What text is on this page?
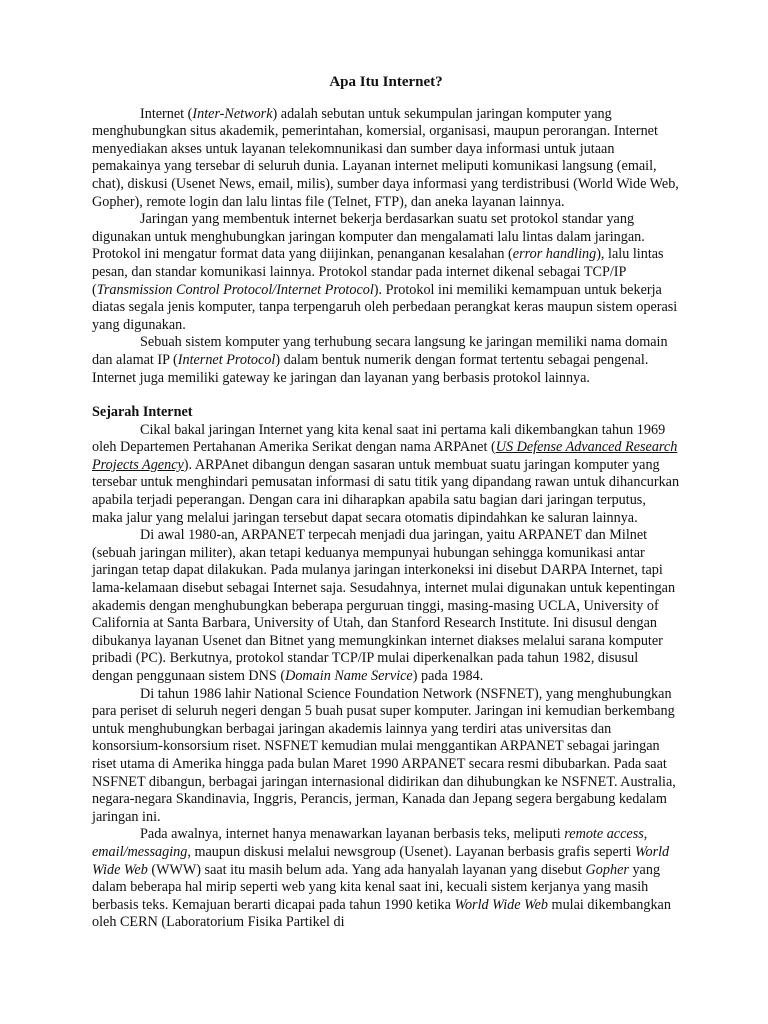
Apa Itu Internet?

Internet (Inter-Network) adalah sebutan untuk sekumpulan jaringan komputer yang menghubungkan situs akademik, pemerintahan, komersial, organisasi, maupun perorangan. Internet menyediakan akses untuk layanan telekomnunikasi dan sumber daya informasi untuk jutaan pemakainya yang tersebar di seluruh dunia. Layanan internet meliputi komunikasi langsung (email, chat), diskusi (Usenet News, email, milis), sumber daya informasi yang terdistribusi (World Wide Web, Gopher), remote login dan lalu lintas file (Telnet, FTP), dan aneka layanan lainnya.

Jaringan yang membentuk internet bekerja berdasarkan suatu set protokol standar yang digunakan untuk menghubungkan jaringan komputer dan mengalamati lalu lintas dalam jaringan. Protokol ini mengatur format data yang diijinkan, penanganan kesalahan (error handling), lalu lintas pesan, dan standar komunikasi lainnya. Protokol standar pada internet dikenal sebagai TCP/IP (Transmission Control Protocol/Internet Protocol). Protokol ini memiliki kemampuan untuk bekerja diatas segala jenis komputer, tanpa terpengaruh oleh perbedaan perangkat keras maupun sistem operasi yang digunakan.

Sebuah sistem komputer yang terhubung secara langsung ke jaringan memiliki nama domain dan alamat IP (Internet Protocol) dalam bentuk numerik dengan format tertentu sebagai pengenal. Internet juga memiliki gateway ke jaringan dan layanan yang berbasis protokol lainnya.

Sejarah Internet

Cikal bakal jaringan Internet yang kita kenal saat ini pertama kali dikembangkan tahun 1969 oleh Departemen Pertahanan Amerika Serikat dengan nama ARPAnet (US Defense Advanced Research Projects Agency). ARPAnet dibangun dengan sasaran untuk membuat suatu jaringan komputer yang tersebar untuk menghindari pemusatan informasi di satu titik yang dipandang rawan untuk dihancurkan apabila terjadi peperangan. Dengan cara ini diharapkan apabila satu bagian dari jaringan terputus, maka jalur yang melalui jaringan tersebut dapat secara otomatis dipindahkan ke saluran lainnya.

Di awal 1980-an, ARPANET terpecah menjadi dua jaringan, yaitu ARPANET dan Milnet (sebuah jaringan militer), akan tetapi keduanya mempunyai hubungan sehingga komunikasi antar jaringan tetap dapat dilakukan. Pada mulanya jaringan interkoneksi ini disebut DARPA Internet, tapi lama-kelamaan disebut sebagai Internet saja. Sesudahnya, internet mulai digunakan untuk kepentingan akademis dengan menghubungkan beberapa perguruan tinggi, masing-masing UCLA, University of California at Santa Barbara, University of Utah, dan Stanford Research Institute. Ini disusul dengan dibukanya layanan Usenet dan Bitnet yang memungkinkan internet diakses melalui sarana komputer pribadi (PC). Berkutnya, protokol standar TCP/IP mulai diperkenalkan pada tahun 1982, disusul dengan penggunaan sistem DNS (Domain Name Service) pada 1984.

Di tahun 1986 lahir National Science Foundation Network (NSFNET), yang menghubungkan para periset di seluruh negeri dengan 5 buah pusat super komputer. Jaringan ini kemudian berkembang untuk menghubungkan berbagai jaringan akademis lainnya yang terdiri atas universitas dan konsorsium-konsorsium riset. NSFNET kemudian mulai menggantikan ARPANET sebagai jaringan riset utama di Amerika hingga pada bulan Maret 1990 ARPANET secara resmi dibubarkan. Pada saat NSFNET dibangun, berbagai jaringan internasional didirikan dan dihubungkan ke NSFNET. Australia, negara-negara Skandinavia, Inggris, Perancis, jerman, Kanada dan Jepang segera bergabung kedalam jaringan ini.

Pada awalnya, internet hanya menawarkan layanan berbasis teks, meliputi remote access, email/messaging, maupun diskusi melalui newsgroup (Usenet). Layanan berbasis grafis seperti World Wide Web (WWW) saat itu masih belum ada. Yang ada hanyalah layanan yang disebut Gopher yang dalam beberapa hal mirip seperti web yang kita kenal saat ini, kecuali sistem kerjanya yang masih berbasis teks. Kemajuan berarti dicapai pada tahun 1990 ketika World Wide Web mulai dikembangkan oleh CERN (Laboratorium Fisika Partikel di
